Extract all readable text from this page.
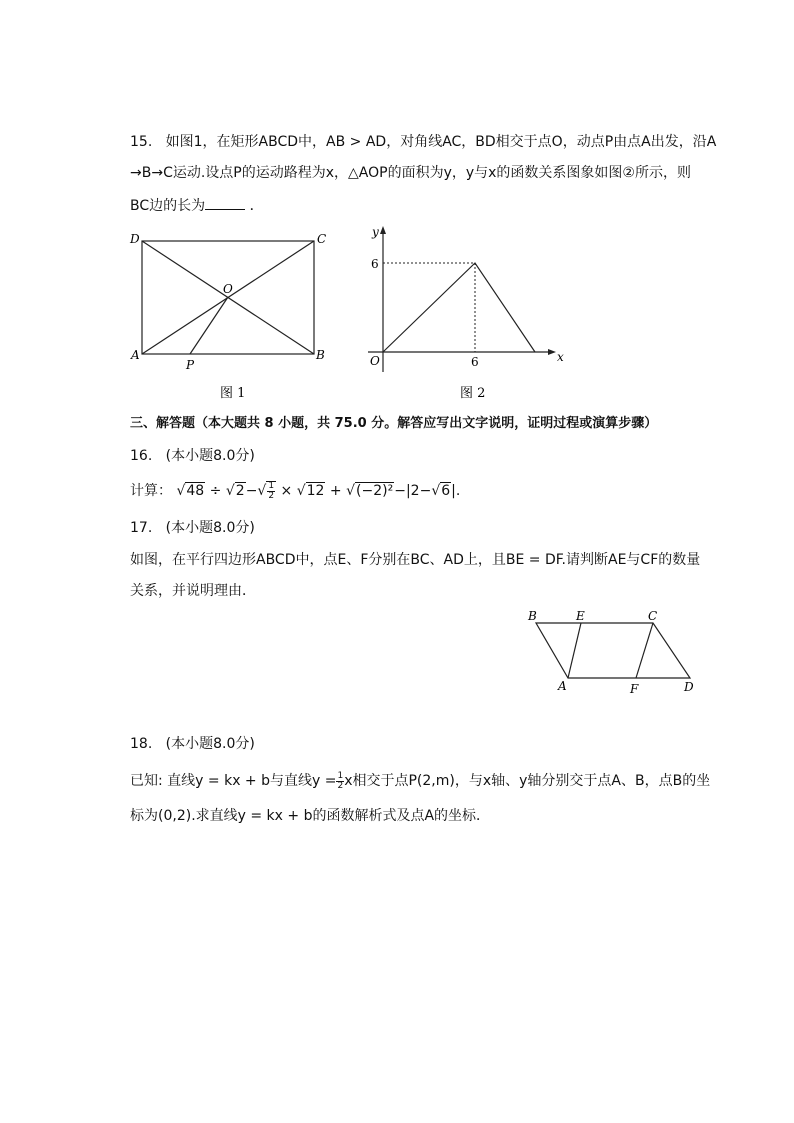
15. 如图1，在矩形ABCD中，AB > AD，对角线AC，BD相交于点O，动点P由点A出发，沿A
→B→C运动.设点P的运动路程为x，△AOP的面积为y，y与x的函数关系图象如图②所示，则
BC边的长为	．
D	C
A	B
O
P
图 1
y
x
O
6
6
图 2
三、解答题（本大题共 8 小题，共 75.0 分。解答应写出文字说明，证明过程或演算步骤）
16. (本小题8.0分)
计算： $√48 \div √2-√ \frac{1}{2} \times √12 + √(-2)^2-|2-√6|$.
17. (本小题8.0分)
如图，在平行四边形ABCD中，点E、F分别在BC、AD上，且BE = DF.请判断AE与CF的数量
关系，并说明理由．
B	E	C
A	F	D
18. (本小题8.0分)
已知: 直线y = kx + b与直线$y = \frac{1}{2}$ x相交于点P(2,m)，与x轴、y轴分别交于点A、B，点B的坐
标为(0,2).求直线y = kx + b的函数解析式及点A的坐标．
